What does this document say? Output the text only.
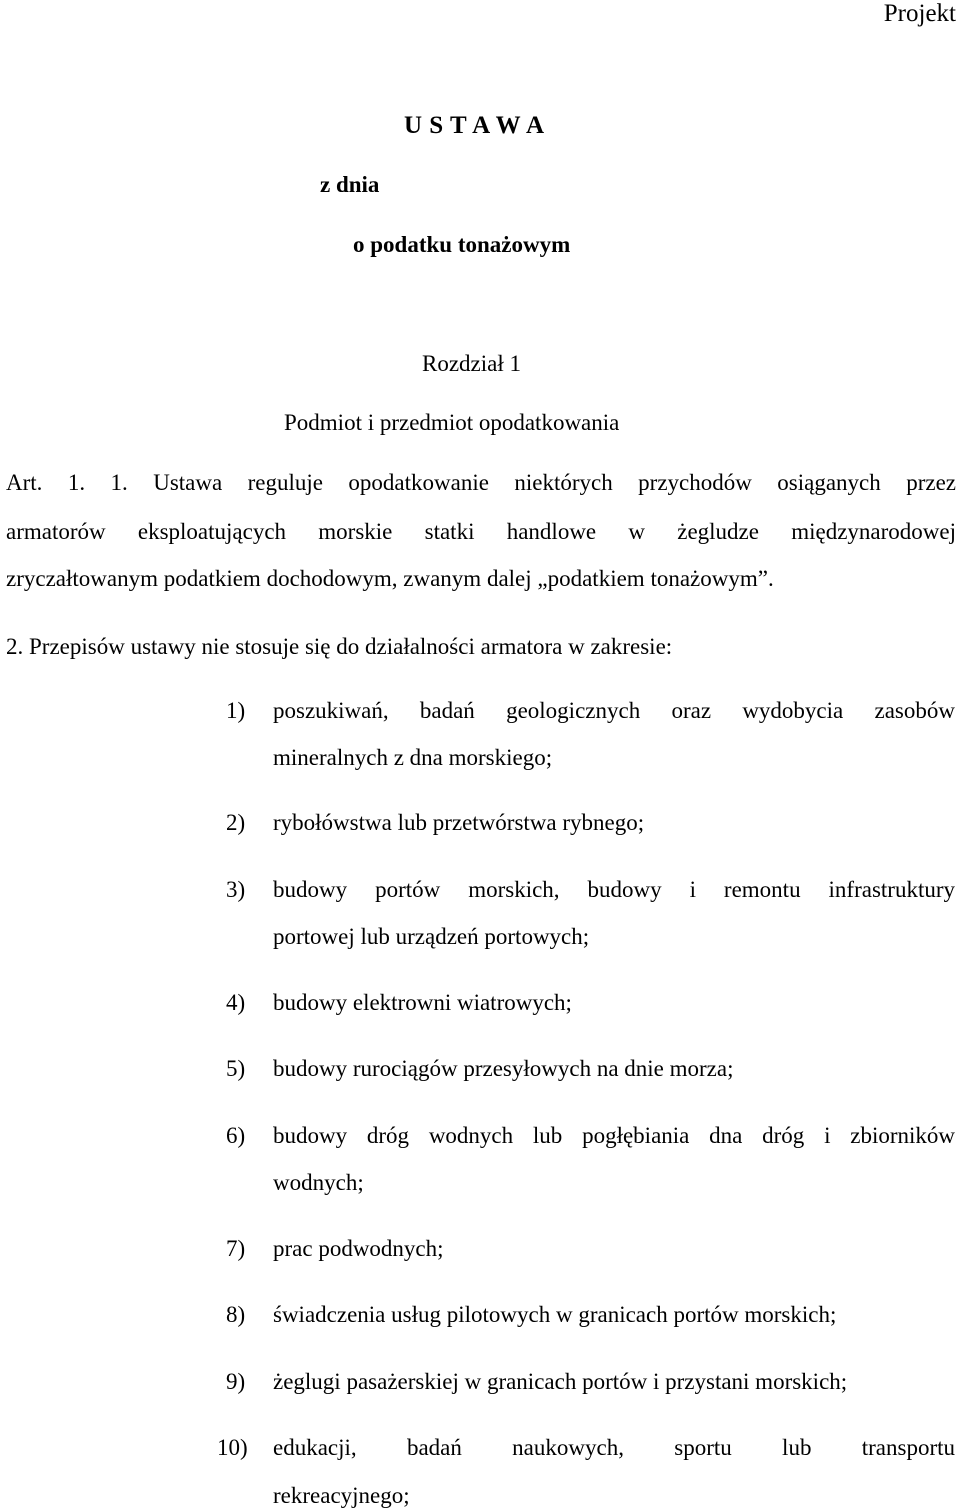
Projekt
U S T A W A
z dnia
o podatku tonażowym
Rozdział 1
Podmiot i przedmiot opodatkowania
Art. 1. 1. Ustawa reguluje opodatkowanie niektórych przychodów osiąganych przez
armatorów eksploatujących morskie statki handlowe w żegludze międzynarodowej
zryczałtowanym podatkiem dochodowym, zwanym dalej „podatkiem tonażowym”.
2. Przepisów ustawy nie stosuje się do działalności armatora w zakresie:
1) poszukiwań, badań geologicznych oraz wydobycia zasobów
mineralnych z dna morskiego;
2) rybołówstwa lub przetwórstwa rybnego;
3) budowy portów morskich, budowy i remontu infrastruktury
portowej lub urządzeń portowych;
4) budowy elektrowni wiatrowych;
5) budowy rurociągów przesyłowych na dnie morza;
6) budowy dróg wodnych lub pogłębiania dna dróg i zbiorników
wodnych;
7) prac podwodnych;
8) świadczenia usług pilotowych w granicach portów morskich;
9) żeglugi pasażerskiej w granicach portów i przystani morskich;
10) edukacji, badań naukowych, sportu lub transportu
rekreacyjnego;
